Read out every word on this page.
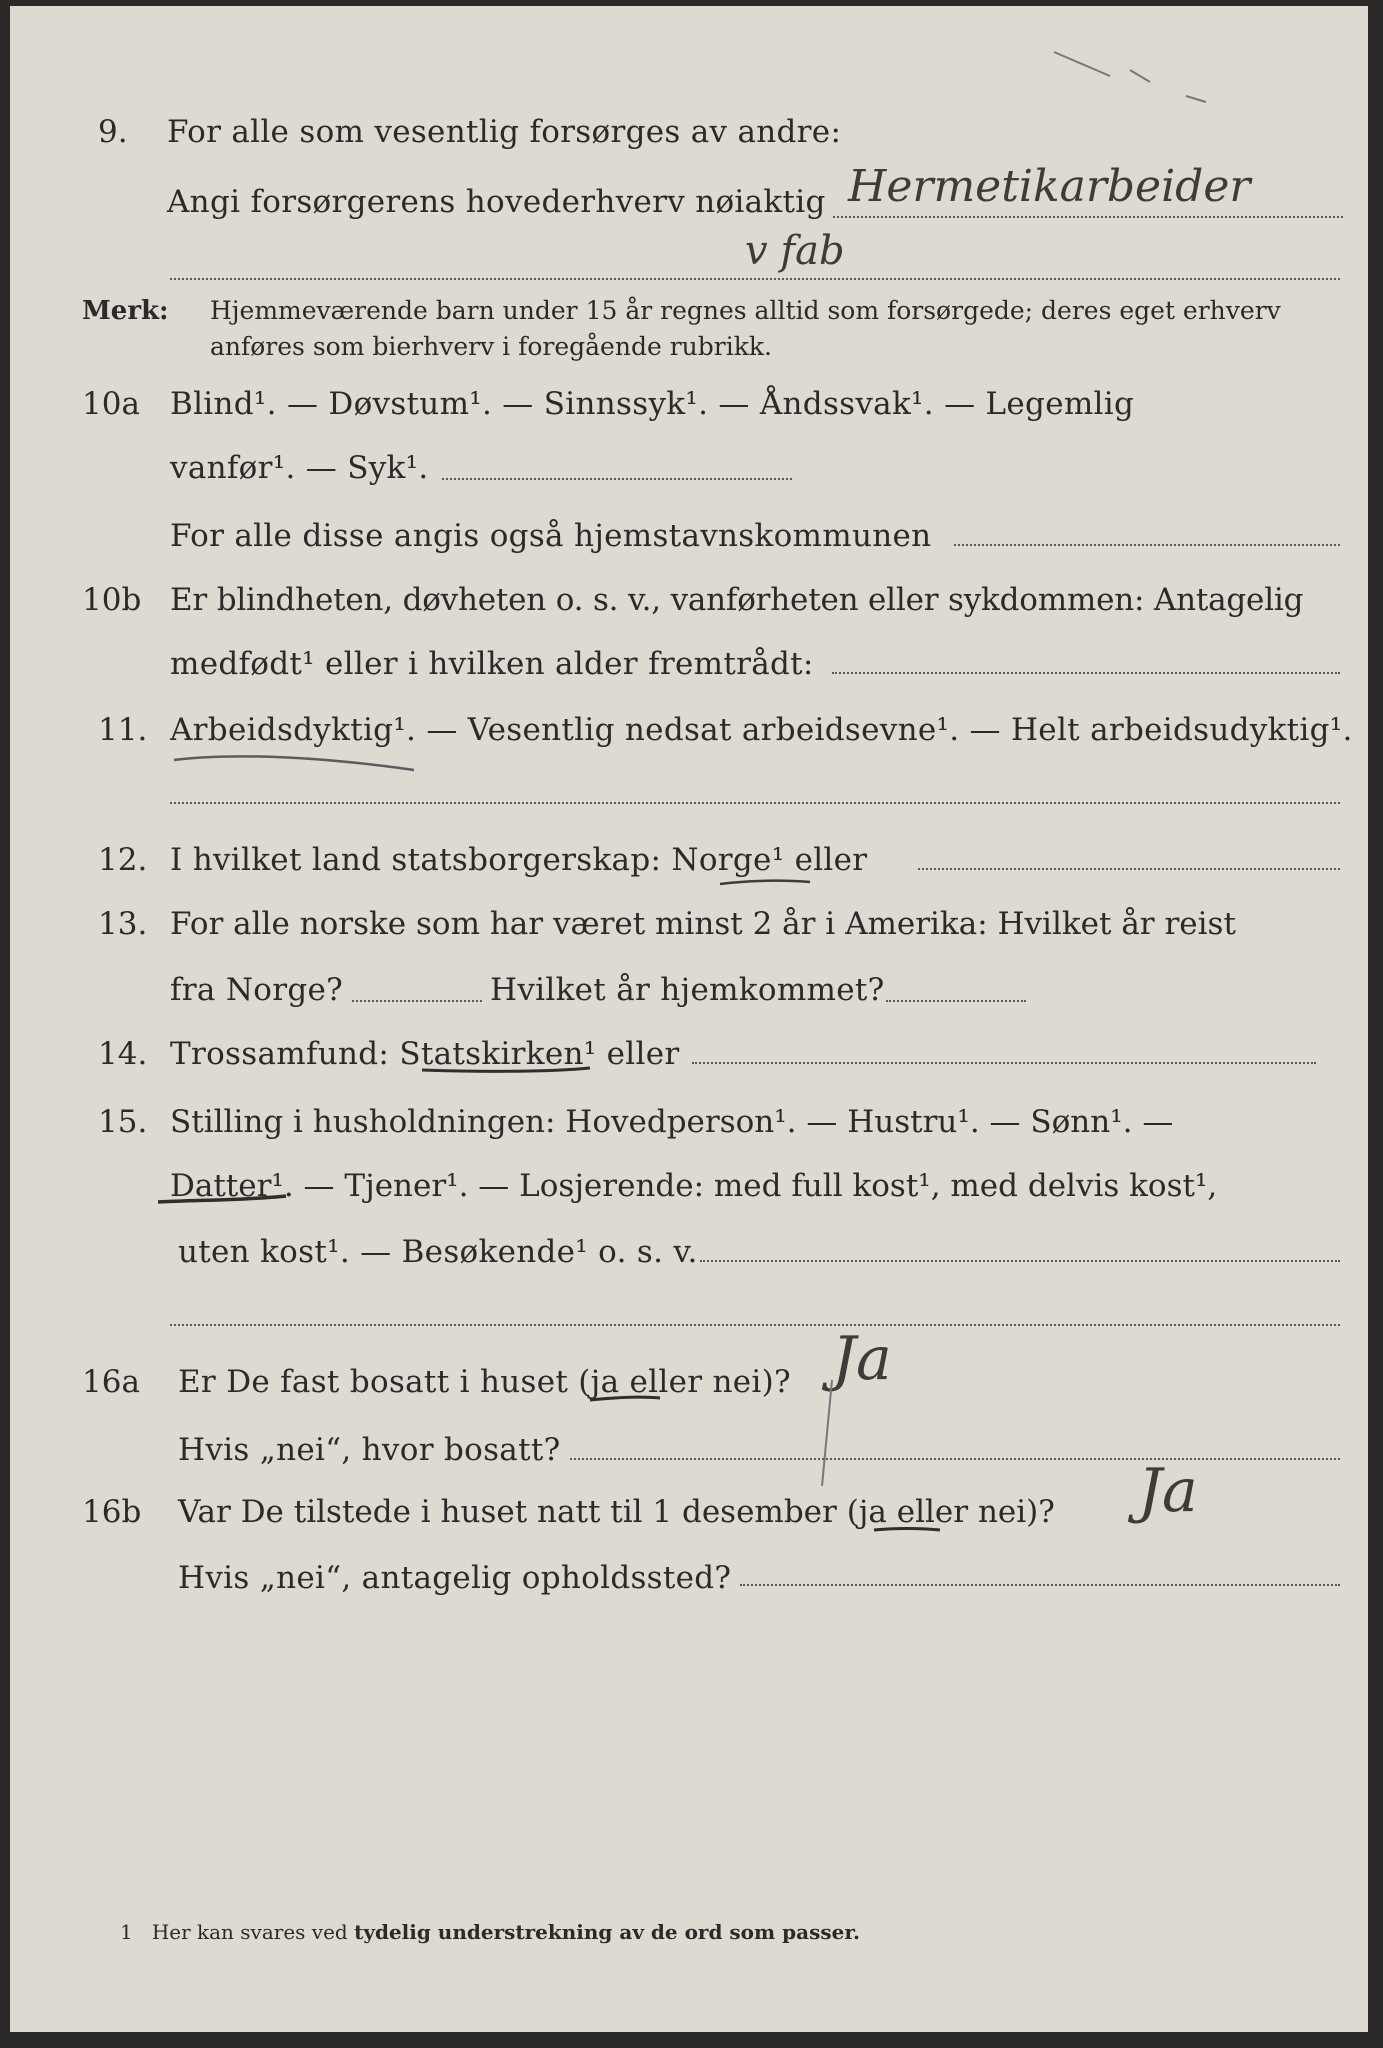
9. For alle som vesentlig forsørges av andre:
Angi forsørgerens hovederhverv nøiaktig Hermetikarbeider
v fab
Merk: Hjemmeværende barn under 15 år regnes alltid som forsørgede; deres eget erhverv
anføres som bierhverv i foregående rubrikk.
10a Blind¹. — Døvstum¹. — Sinnssyk¹. — Åndssvak¹. — Legemlig
vanfør¹. — Syk¹.
For alle disse angis også hjemstavnskommunen
10b Er blindheten, døvheten o. s. v., vanførheten eller sykdommen: Antagelig
medfødt¹ eller i hvilken alder fremtrådt:
11. Arbeidsdyktig¹. — Vesentlig nedsat arbeidsevne¹. — Helt arbeidsudyktig¹.
12. I hvilket land statsborgerskap: Norge¹ eller
13. For alle norske som har været minst 2 år i Amerika: Hvilket år reist
fra Norge?	Hvilket år hjemkommet?
14. Trossamfund: Statskirken¹ eller
15. Stilling i husholdningen: Hovedperson¹. — Hustru¹. — Sønn¹. —
Datter¹. — Tjener¹. — Losjerende: med full kost¹, med delvis kost¹,
uten kost¹. — Besøkende¹ o. s. v.
16a Er De fast bosatt i huset (ja eller nei)? Ja
Hvis „nei“, hvor bosatt?
16b Var De tilstede i huset natt til 1 desember (ja eller nei)? Ja
Hvis „nei“, antagelig opholdssted?
1 Her kan svares ved tydelig understrekning av de ord som passer.
